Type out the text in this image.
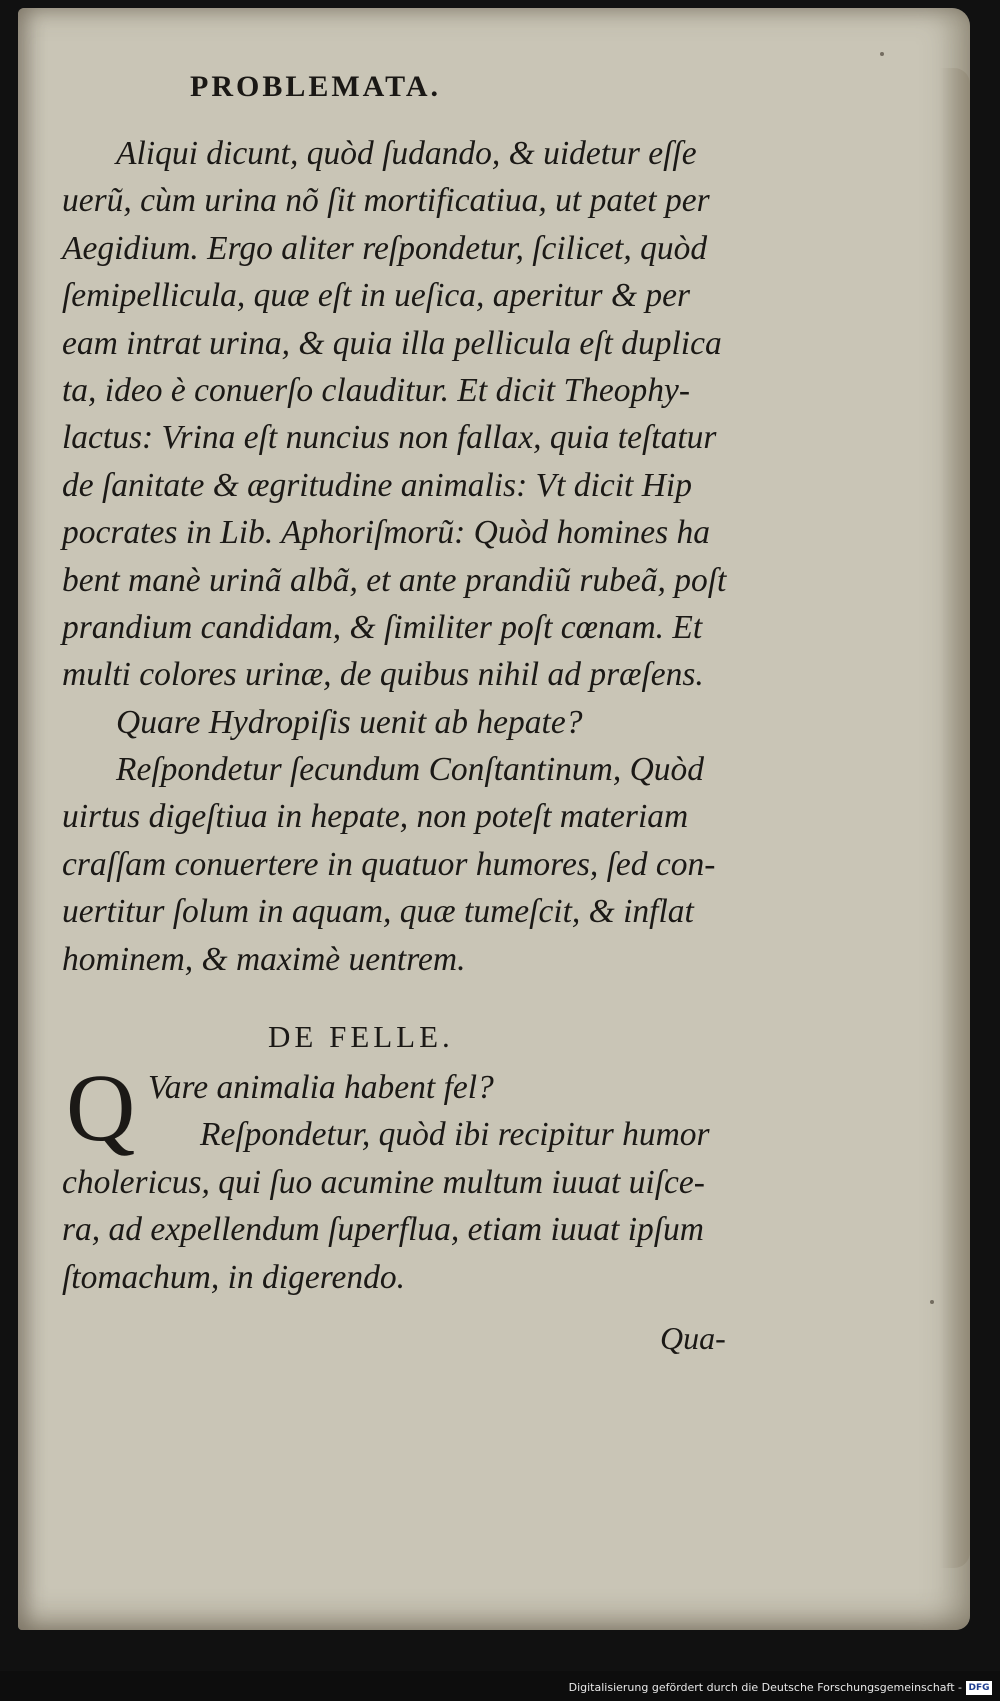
PROBLEMATA.
Aliqui dicunt, quòd ſudando, & uidetur eſſe
uerũ, cùm urina nõ ſit mortificatiua, ut patet per
Aegidium. Ergo aliter reſpondetur, ſcilicet, quòd
ſemipellicula, quæ eſt in ueſica, aperitur & per
eam intrat urina, & quia illa pellicula eſt duplica
ta, ideo è conuerſo clauditur. Et dicit Theophy-
lactus: Vrina eſt nuncius non fallax, quia teſtatur
de ſanitate & ægritudine animalis: Vt dicit Hip
pocrates in Lib. Aphoriſmorũ: Quòd homines ha
bent manè urinã albã, et ante prandiũ rubeã, poſt
prandium candidam, & ſimiliter poſt cœnam. Et
multi colores urinæ, de quibus nihil ad præſens.
Quare Hydropiſis uenit ab hepate?
Reſpondetur ſecundum Conſtantinum, Quòd
uirtus digeſtiua in hepate, non poteſt materiam
craſſam conuertere in quatuor humores, ſed con-
uertitur ſolum in aquam, quæ tumeſcit, & inflat
hominem, & maximè uentrem.
DE FELLE.
Q Vare animalia habent fel?
Reſpondetur, quòd ibi recipitur humor
cholericus, qui ſuo acumine multum iuuat uiſce-
ra, ad expellendum ſuperflua, etiam iuuat ipſum
ſtomachum, in digerendo.
Qua-
Digitalisierung gefördert durch die Deutsche Forschungsgemeinschaft - DFG
